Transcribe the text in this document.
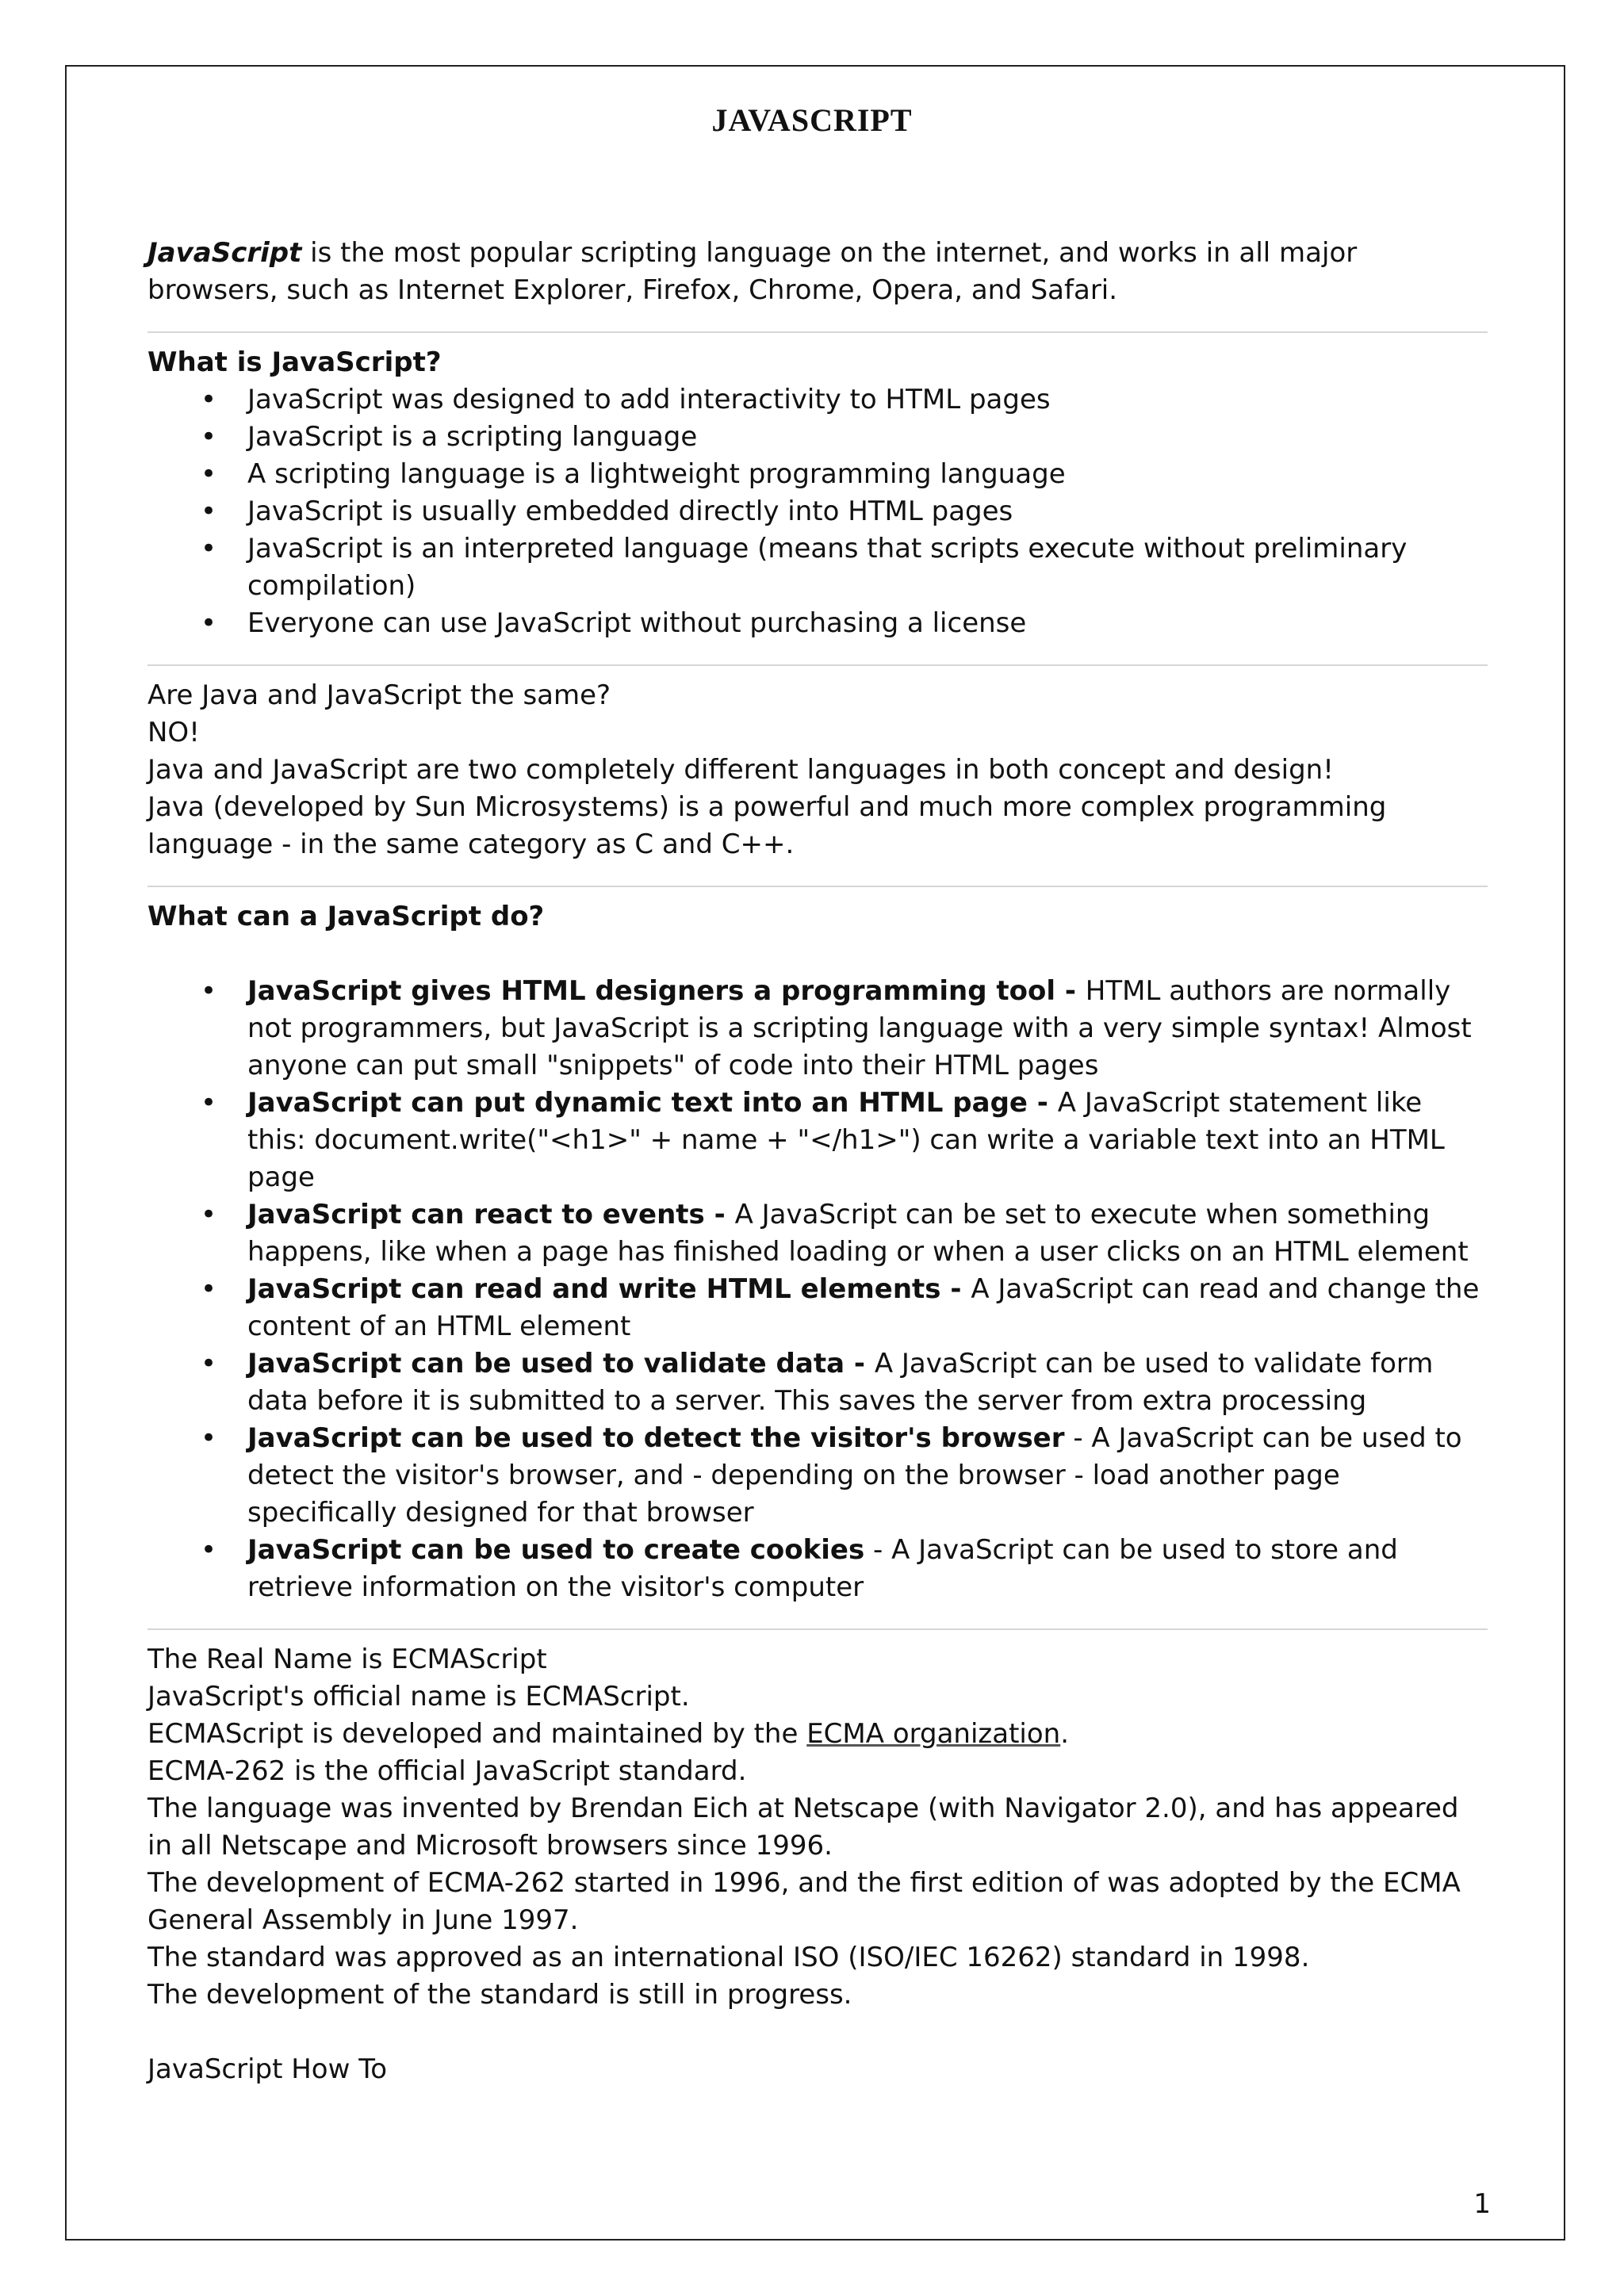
JAVASCRIPT

JavaScript is the most popular scripting language on the internet, and works in all major browsers, such as Internet Explorer, Firefox, Chrome, Opera, and Safari.

What is JavaScript?

• JavaScript was designed to add interactivity to HTML pages
• JavaScript is a scripting language
• A scripting language is a lightweight programming language
• JavaScript is usually embedded directly into HTML pages
• JavaScript is an interpreted language (means that scripts execute without preliminary compilation)
• Everyone can use JavaScript without purchasing a license

Are Java and JavaScript the same?

NO!

Java and JavaScript are two completely different languages in both concept and design!

Java (developed by Sun Microsystems) is a powerful and much more complex programming language - in the same category as C and C++.

What can a JavaScript do?

• JavaScript gives HTML designers a programming tool - HTML authors are normally not programmers, but JavaScript is a scripting language with a very simple syntax! Almost anyone can put small "snippets" of code into their HTML pages
• JavaScript can put dynamic text into an HTML page - A JavaScript statement like this: document.write("<h1>" + name + "</h1>") can write a variable text into an HTML page
• JavaScript can react to events - A JavaScript can be set to execute when something happens, like when a page has finished loading or when a user clicks on an HTML element
• JavaScript can read and write HTML elements - A JavaScript can read and change the content of an HTML element
• JavaScript can be used to validate data - A JavaScript can be used to validate form data before it is submitted to a server. This saves the server from extra processing
• JavaScript can be used to detect the visitor's browser - A JavaScript can be used to detect the visitor's browser, and - depending on the browser - load another page specifically designed for that browser
• JavaScript can be used to create cookies - A JavaScript can be used to store and retrieve information on the visitor's computer

The Real Name is ECMAScript

JavaScript's official name is ECMAScript.

ECMAScript is developed and maintained by the ECMA organization.

ECMA-262 is the official JavaScript standard.

The language was invented by Brendan Eich at Netscape (with Navigator 2.0), and has appeared in all Netscape and Microsoft browsers since 1996.

The development of ECMA-262 started in 1996, and the first edition of was adopted by the ECMA General Assembly in June 1997.

The standard was approved as an international ISO (ISO/IEC 16262) standard in 1998.

The development of the standard is still in progress.

JavaScript How To

1
